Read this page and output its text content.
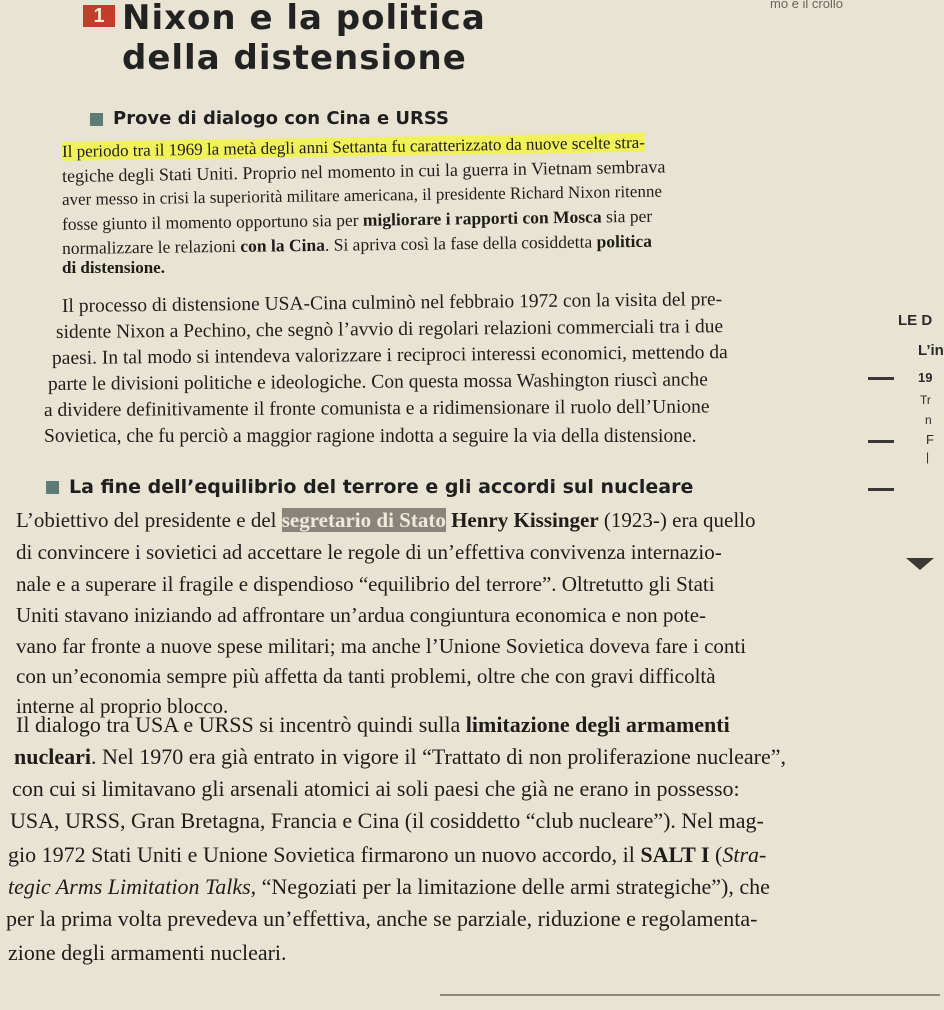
mo e il crollo
1 Nixon e la politica
della distensione
Prove di dialogo con Cina e URSS
Il periodo tra il 1969 la metà degli anni Settanta fu caratterizzato da nuove scelte stra-
tegiche degli Stati Uniti. Proprio nel momento in cui la guerra in Vietnam sembrava
aver messo in crisi la superiorità militare americana, il presidente Richard Nixon ritenne
fosse giunto il momento opportuno sia per migliorare i rapporti con Mosca sia per
normalizzare le relazioni con la Cina. Si apriva così la fase della cosiddetta politica
di distensione.
Il processo di distensione USA-Cina culminò nel febbraio 1972 con la visita del pre-
sidente Nixon a Pechino, che segnò l’avvio di regolari relazioni commerciali tra i due
paesi. In tal modo si intendeva valorizzare i reciproci interessi economici, mettendo da
parte le divisioni politiche e ideologiche. Con questa mossa Washington riuscì anche
a dividere definitivamente il fronte comunista e a ridimensionare il ruolo dell’Unione
Sovietica, che fu perciò a maggior ragione indotta a seguire la via della distensione.
La fine dell’equilibrio del terrore e gli accordi sul nucleare
L’obiettivo del presidente e del segretario di Stato Henry Kissinger (1923-) era quello
di convincere i sovietici ad accettare le regole di un’effettiva convivenza internazio-
nale e a superare il fragile e dispendioso “equilibrio del terrore”. Oltretutto gli Stati
Uniti stavano iniziando ad affrontare un’ardua congiuntura economica e non pote-
vano far fronte a nuove spese militari; ma anche l’Unione Sovietica doveva fare i conti
con un’economia sempre più affetta da tanti problemi, oltre che con gravi difficoltà
interne al proprio blocco.
Il dialogo tra USA e URSS si incentrò quindi sulla limitazione degli armamenti
nucleari. Nel 1970 era già entrato in vigore il “Trattato di non proliferazione nucleare”,
con cui si limitavano gli arsenali atomici ai soli paesi che già ne erano in possesso:
USA, URSS, Gran Bretagna, Francia e Cina (il cosiddetto “club nucleare”). Nel mag-
gio 1972 Stati Uniti e Unione Sovietica firmarono un nuovo accordo, il SALT I (Stra-
tegic Arms Limitation Talks, “Negoziati per la limitazione delle armi strategiche”), che
per la prima volta prevedeva un’effettiva, anche se parziale, riduzione e regolamenta-
zione degli armamenti nucleari.
LE D
L’in
19
Tr
n
F
|
